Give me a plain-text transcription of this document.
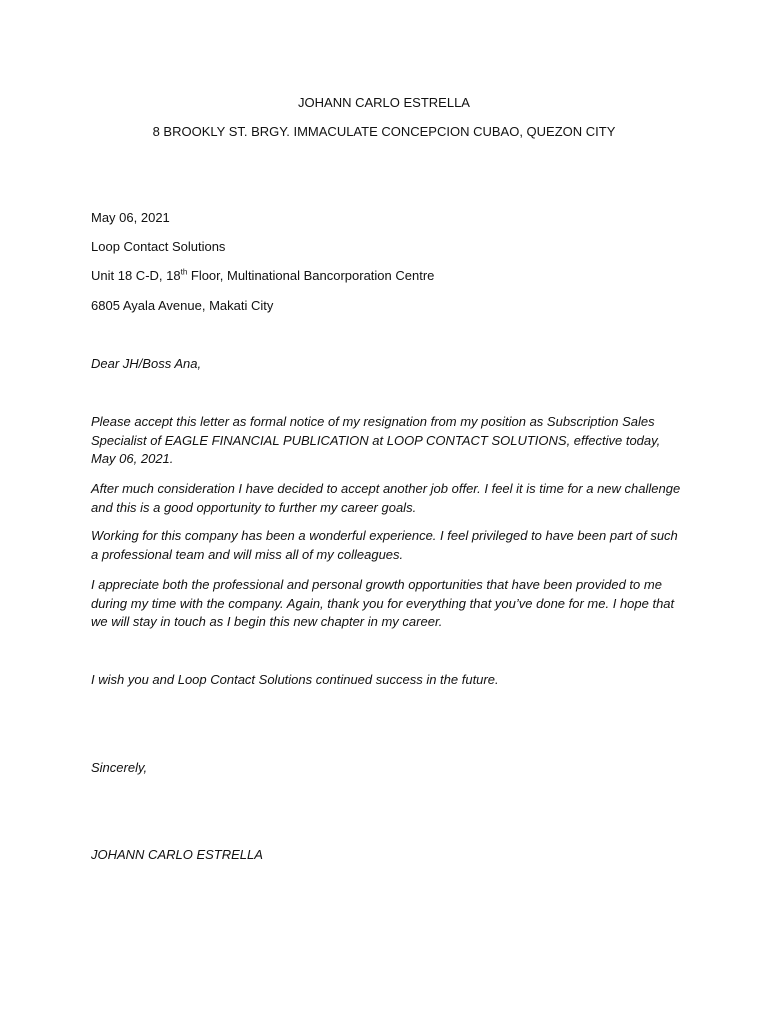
JOHANN CARLO ESTRELLA
8 BROOKLY ST. BRGY. IMMACULATE CONCEPCION CUBAO, QUEZON CITY
May 06, 2021
Loop Contact Solutions
Unit 18 C-D, 18th Floor, Multinational Bancorporation Centre
6805 Ayala Avenue, Makati City
Dear JH/Boss Ana,
Please accept this letter as formal notice of my resignation from my position as Subscription Sales Specialist of EAGLE FINANCIAL PUBLICATION at LOOP CONTACT SOLUTIONS, effective today, May 06, 2021.
After much consideration I have decided to accept another job offer. I feel it is time for a new challenge and this is a good opportunity to further my career goals.
Working for this company has been a wonderful experience. I feel privileged to have been part of such a professional team and will miss all of my colleagues.
I appreciate both the professional and personal growth opportunities that have been provided to me during my time with the company. Again, thank you for everything that you’ve done for me. I hope that we will stay in touch as I begin this new chapter in my career.
I wish you and Loop Contact Solutions continued success in the future.
Sincerely,
JOHANN CARLO ESTRELLA
